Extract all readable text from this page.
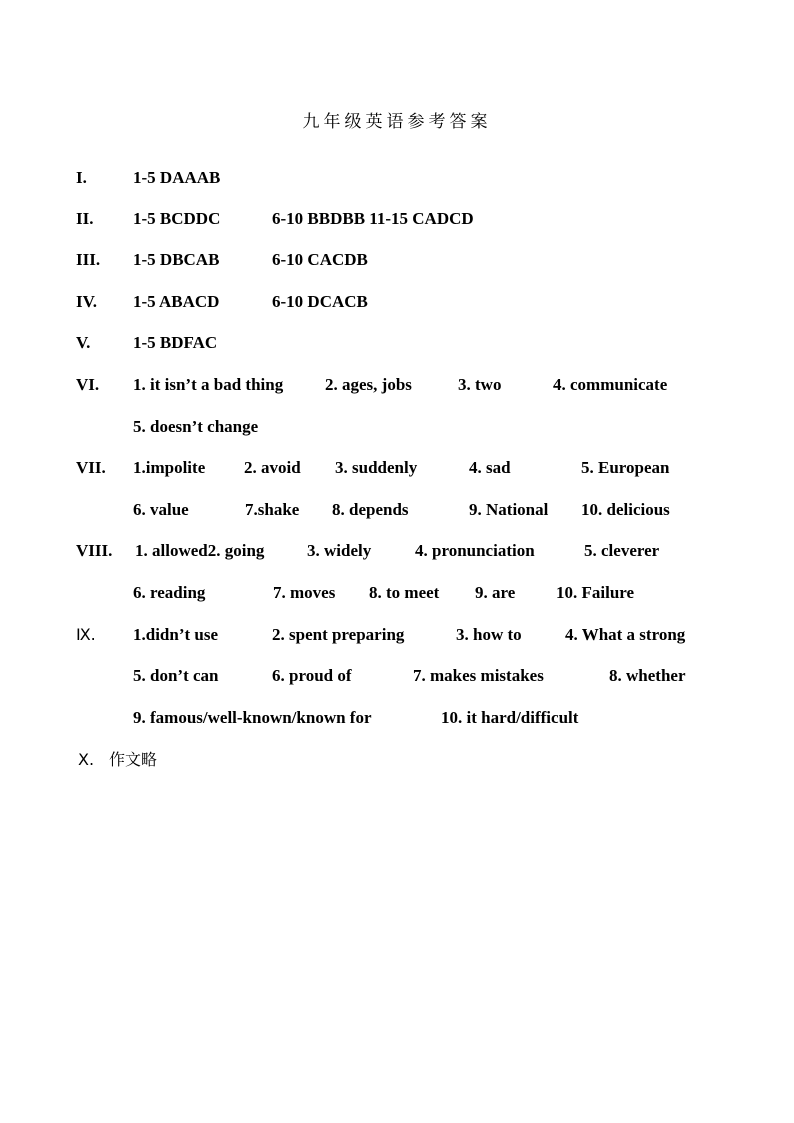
九年级英语参考答案
I.	1-5 DAAAB
II. 1-5 BCDDC	6-10 BBDBB 11-15 CADCD
III. 1-5 DBCAB	6-10 CACDB
IV. 1-5 ABACD	6-10 DCACB
V.	1-5 BDFAC
VI. 1. it isn’t a bad thing 2. ages, jobs	3. two	4. communicate
5. doesn’t change
VII. 1.impolite 2. avoid 3. suddenly	4. sad	5. European
6. value	7.shake 8. depends	9. National 10. delicious
VIII. 1. allowed2. going	3. widely	4. pronunciation	5. cleverer
6. reading	7. moves 8. to meet 9. are 10. Failure
Ⅸ. 1.didn’t use	2. spent preparing	3. how to	4. What a strong
5. don’t can	6. proud of	7. makes mistakes	8. whether
9. famous/well-known/known for	10. it hard/difficult
Ⅹ. 作文略
